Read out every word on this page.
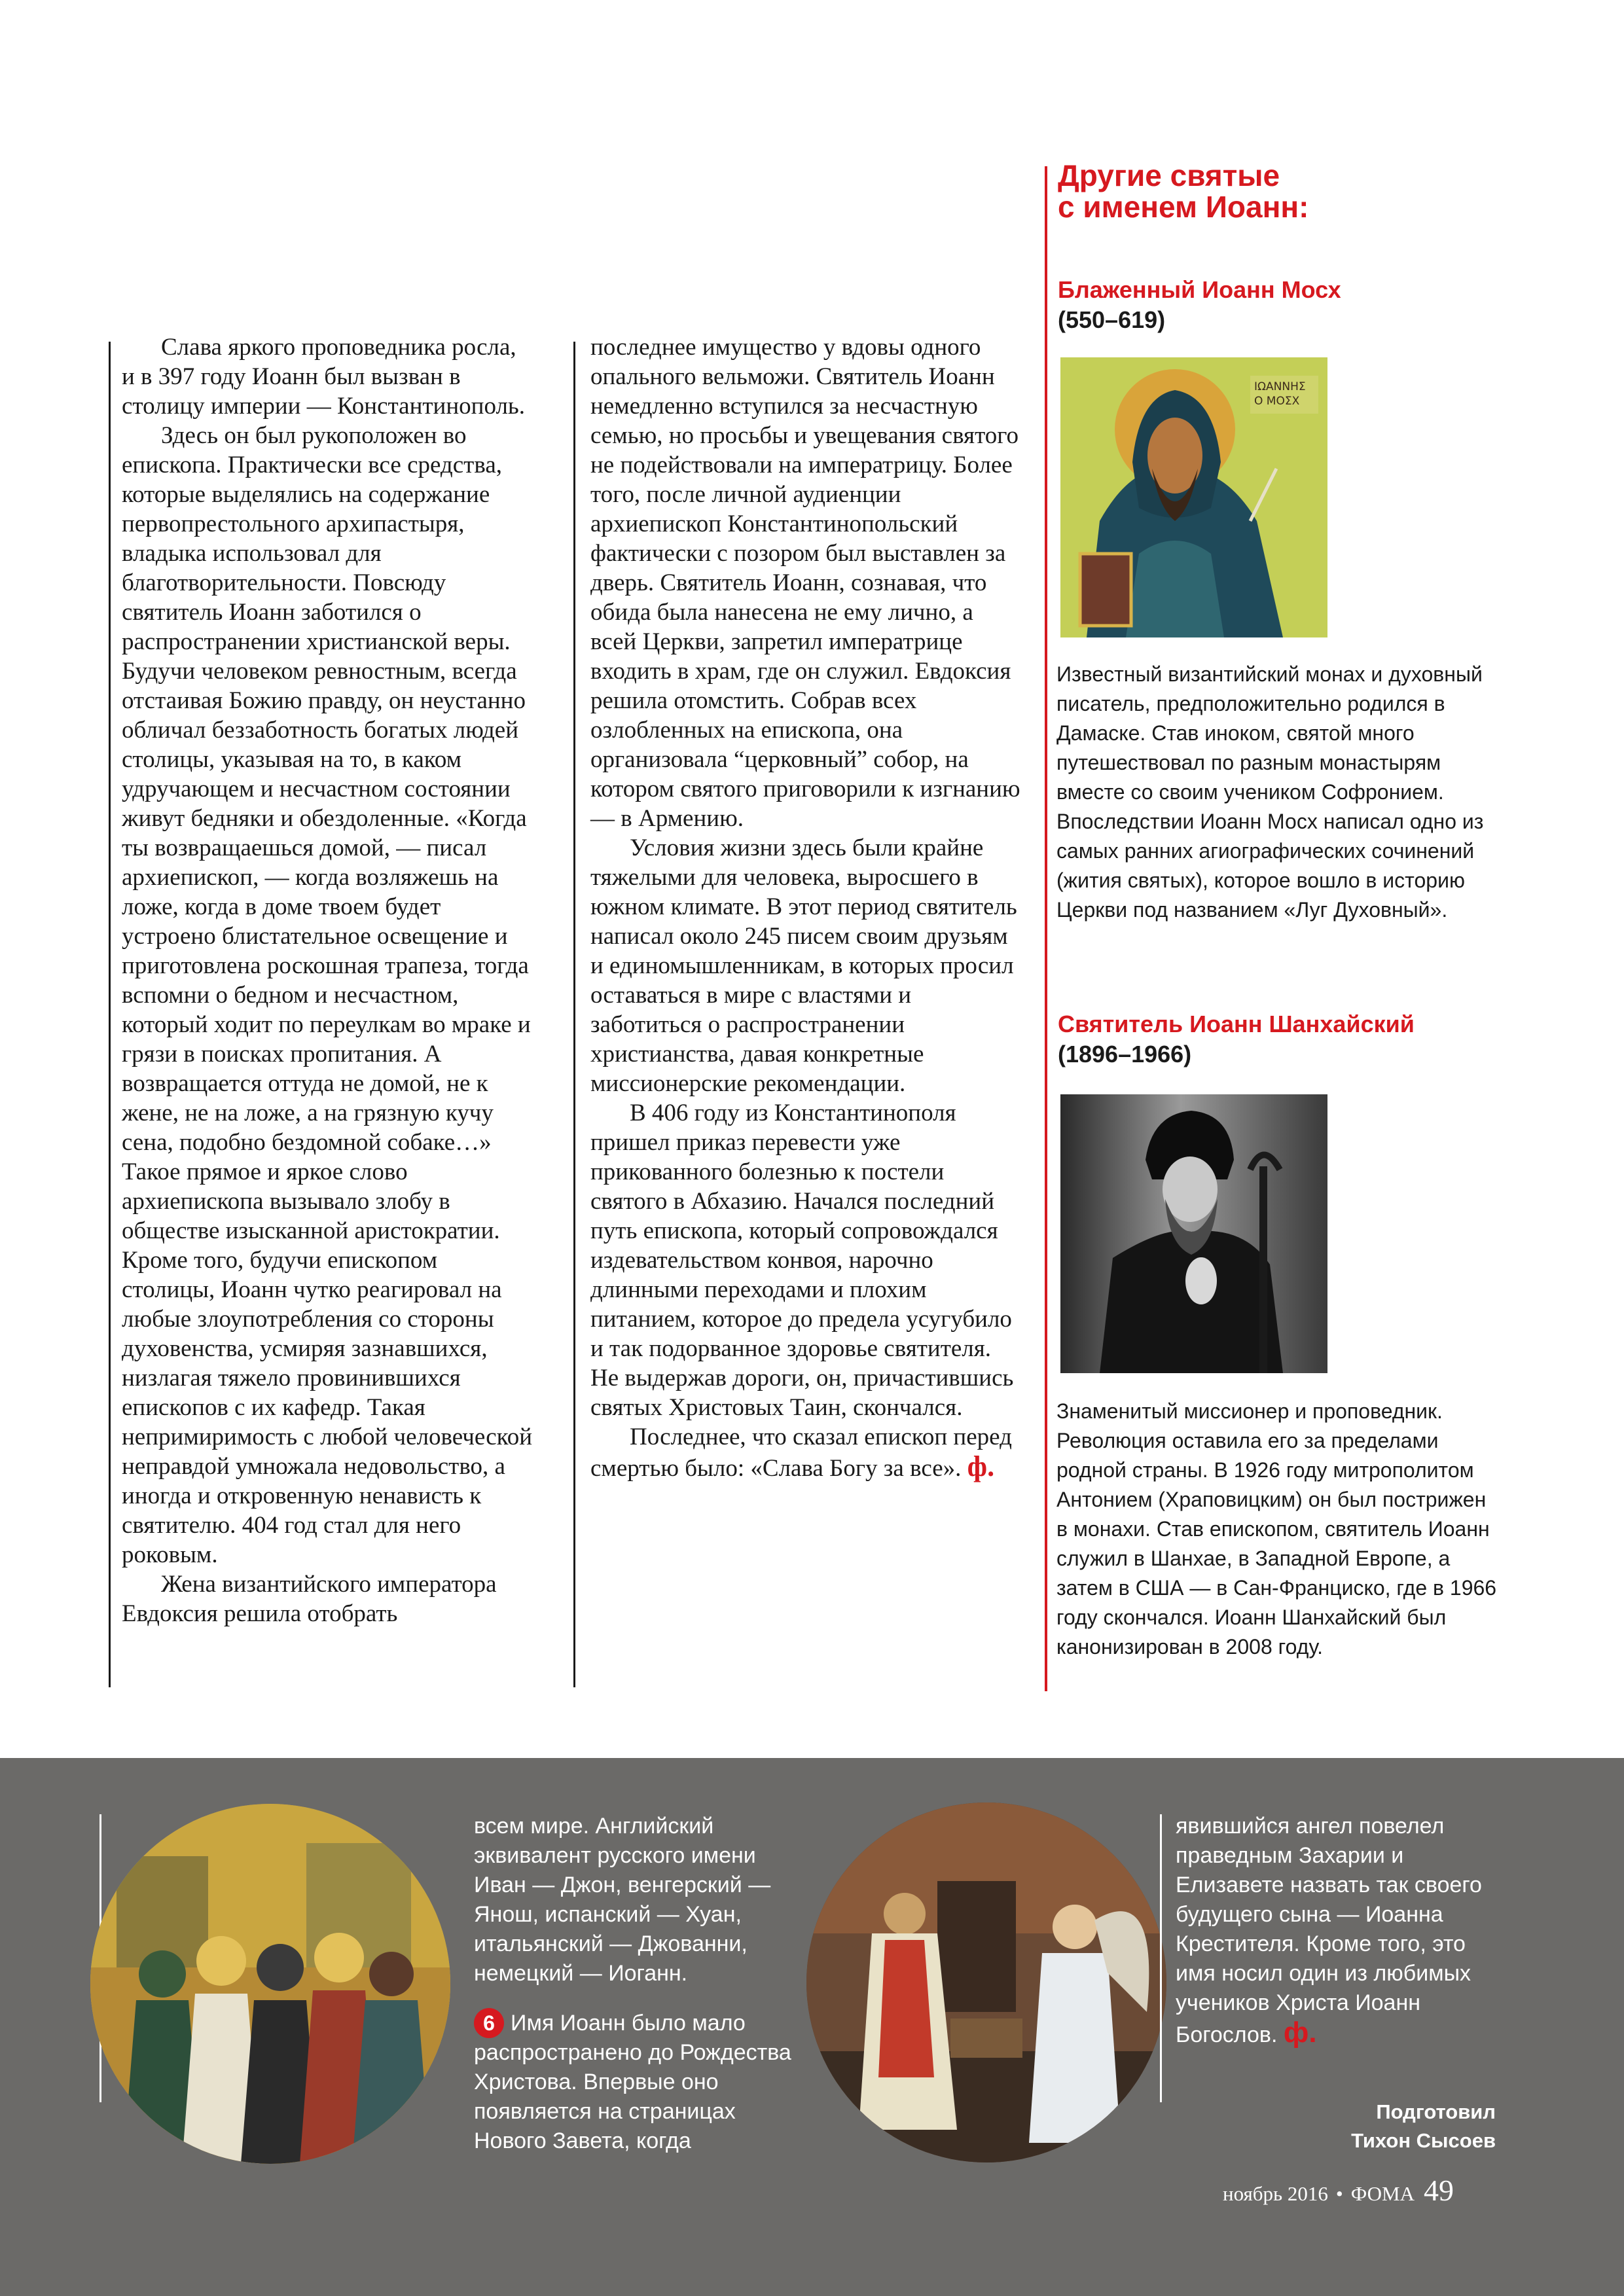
Слава яркого проповедника росла, и в 397 году Иоанн был вызван в столицу империи — Константинополь.

Здесь он был рукоположен во епископа. Практически все средства, которые выделялись на содержание первопрестольного архипастыря, владыка использовал для благотворительности. Повсюду святитель Иоанн заботился о распространении христианской веры. Будучи человеком ревностным, всегда отстаивая Божию правду, он неустанно обличал беззаботность богатых людей столицы, указывая на то, в каком удручающем и несчастном состоянии живут бедняки и обездоленные. «Когда ты возвращаешься домой, — писал архиепископ, — когда возляжешь на ложе, когда в доме твоем будет устроено блистательное освещение и приготовлена роскошная трапеза, тогда вспомни о бедном и несчастном, который ходит по переулкам во мраке и грязи в поисках пропитания. А возвращается оттуда не домой, не к жене, не на ложе, а на грязную кучу сена, подобно бездомной собаке…» Такое прямое и яркое слово архиепископа вызывало злобу в обществе изысканной аристократии. Кроме того, будучи епископом столицы, Иоанн чутко реагировал на любые злоупотребления со стороны духовенства, усмиряя зазнавшихся, низлагая тяжело провинившихся епископов с их кафедр. Такая непримиримость с любой человеческой неправдой умножала недовольство, а иногда и откровенную ненависть к святителю. 404 год стал для него роковым.

Жена византийского императора Евдоксия решила отобрать

последнее имущество у вдовы одного опального вельможи. Святитель Иоанн немедленно вступился за несчастную семью, но просьбы и увещевания святого не подействовали на императрицу. Более того, после личной аудиенции архиепископ Константинопольский фактически с позором был выставлен за дверь. Святитель Иоанн, сознавая, что обида была нанесена не ему лично, а всей Церкви, запретил императрице входить в храм, где он служил. Евдоксия решила отомстить. Собрав всех озлобленных на епископа, она организовала “церковный” собор, на котором святого приговорили к изгнанию — в Армению.

Условия жизни здесь были крайне тяжелыми для человека, выросшего в южном климате. В этот период святитель написал около 245 писем своим друзьям и единомышленникам, в которых просил оставаться в мире с властями и заботиться о распространении христианства, давая конкретные миссионерские рекомендации.

В 406 году из Константинополя пришел приказ перевести уже прикованного болезнью к постели святого в Абхазию. Начался последний путь епископа, который сопровождался издевательством конвоя, нарочно длинными переходами и плохим питанием, которое до предела усугубило и так подорванное здоровье святителя. Не выдержав дороги, он, причастившись святых Христовых Таин, скончался.

Последнее, что сказал епископ перед смертью было: «Слава Богу за все». ф.

Другие святые
с именем Иоанн:
Блаженный Иоанн Мосх
(550–619)
ΙΩΑΝΝΗΣ Ο ΜΟΣΧ
Известный византийский монах и духовный писатель, предположительно родился в Дамаске. Став иноком, святой много путешествовал по разным монастырям вместе со своим учеником Софронием. Впоследствии Иоанн Мосх написал одно из самых ранних агиографических сочинений (жития святых), которое вошло в историю Церкви под названием «Луг Духовный».
Святитель Иоанн Шанхайский
(1896–1966)
Знаменитый миссионер и проповедник. Революция оставила его за пределами родной страны. В 1926 году митрополитом Антонием (Храповицким) он был пострижен в монахи. Став епископом, святитель Иоанн служил в Шанхае, в Западной Европе, а затем в США — в Сан-Франциско, где в 1966 году скончался. Иоанн Шанхайский был канонизирован в 2008 году.

всем мире. Английский эквивалент русского имени Иван — Джон, венгерский — Янош, испанский — Хуан, итальянский — Джованни, немецкий — Иоганн.

6 Имя Иоанн было мало распространено до Рождества Христова. Впервые оно появляется на страницах Нового Завета, когда

явившийся ангел повелел праведным Захарии и Елизавете назвать так своего будущего сына — Иоанна Крестителя. Кроме того, это имя носил один из любимых учеников Христа Иоанн Богослов. ф.

Подготовил
Тихон Сысоев
ноябрь 2016 • ФОМА 49
